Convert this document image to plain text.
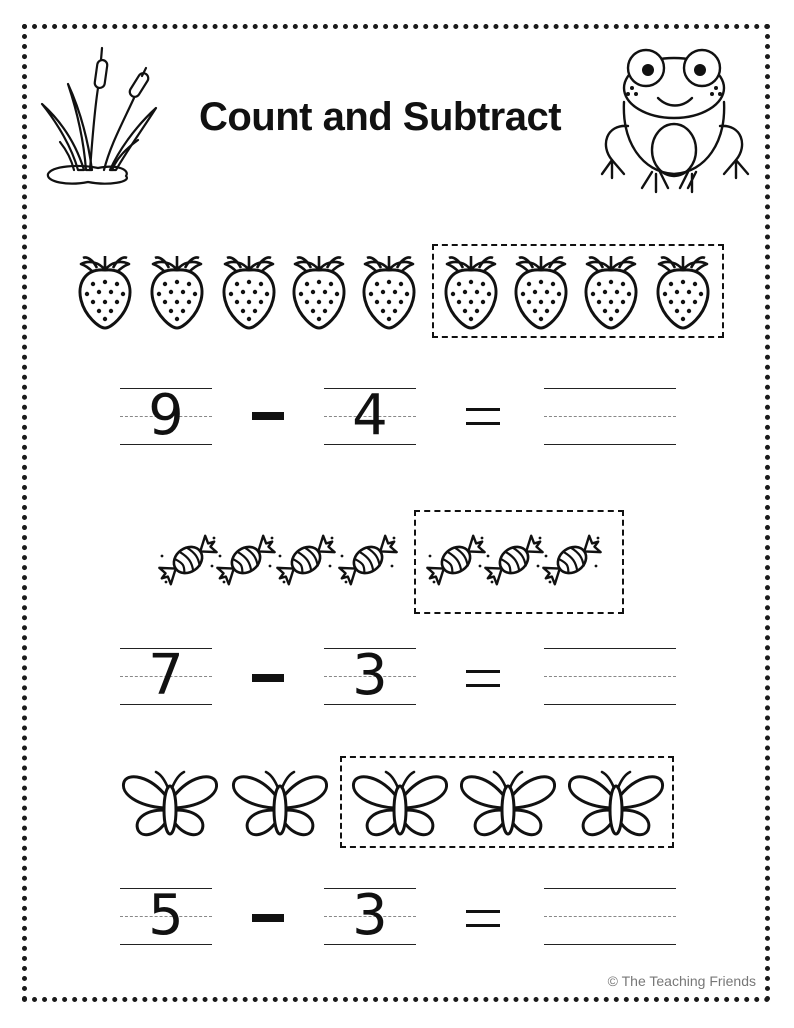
Count and Subtract
9	4
7	3
5	3
© The Teaching Friends
